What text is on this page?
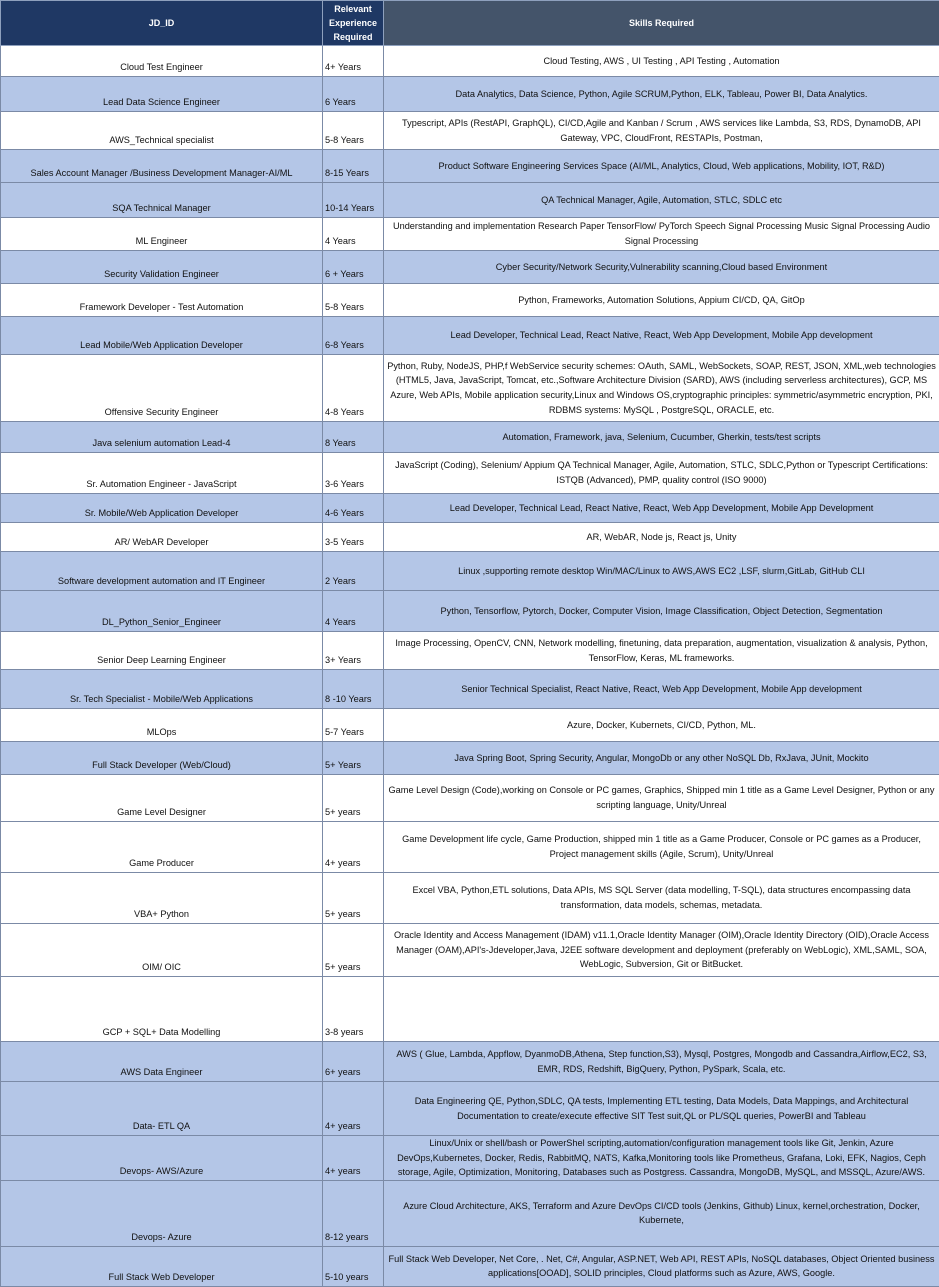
JD_ID	Relevant
Experience
Required	Skills Required
Cloud Test Engineer	4+ Years	Cloud Testing, AWS , UI Testing , API Testing , Automation
Lead Data Science Engineer	6 Years	Data Analytics, Data Science, Python, Agile SCRUM,Python, ELK, Tableau, Power BI, Data Analytics.
AWS_Technical specialist	5-8 Years	Typescript, APIs (RestAPI, GraphQL), CI/CD,Agile and Kanban / Scrum , AWS services like Lambda, S3, RDS, DynamoDB, API Gateway, VPC, CloudFront, RESTAPIs, Postman,
Sales Account Manager /Business Development Manager-AI/ML	8-15 Years	Product Software Engineering Services Space (AI/ML, Analytics, Cloud, Web applications, Mobility, IOT, R&D)
SQA Technical Manager	10-14 Years	QA Technical Manager, Agile, Automation, STLC, SDLC etc
ML Engineer	4 Years	Understanding and implementation Research Paper TensorFlow/ PyTorch Speech Signal Processing Music Signal Processing Audio Signal Processing
Security Validation Engineer	6 + Years	Cyber Security/Network Security,Vulnerability scanning,Cloud based Environment
Framework Developer - Test Automation	5-8 Years	Python, Frameworks, Automation Solutions, Appium CI/CD, QA, GitOp
Lead Mobile/Web Application Developer	6-8 Years	Lead Developer, Technical Lead, React Native, React, Web App Development, Mobile App development
Offensive Security Engineer	4-8 Years	Python, Ruby, NodeJS, PHP,f WebService security schemes: OAuth, SAML, WebSockets, SOAP, REST, JSON, XML,web technologies (HTML5, Java, JavaScript, Tomcat, etc.,Software Architecture Division (SARD), AWS (including serverless architectures), GCP, MS Azure, Web APIs, Mobile application security,Linux and Windows OS,cryptographic principles: symmetric/asymmetric encryption, PKI, RDBMS systems: MySQL , PostgreSQL, ORACLE, etc.
Java selenium automation Lead-4	8 Years	Automation, Framework, java, Selenium, Cucumber, Gherkin, tests/test scripts
Sr. Automation Engineer - JavaScript	3-6 Years	JavaScript (Coding), Selenium/ Appium QA Technical Manager, Agile, Automation, STLC, SDLC,Python or Typescript Certifications: ISTQB (Advanced), PMP, quality control (ISO 9000)
Sr. Mobile/Web Application Developer	4-6 Years	Lead Developer, Technical Lead, React Native, React, Web App Development, Mobile App Development
AR/ WebAR Developer	3-5 Years	AR, WebAR, Node js, React js, Unity
Software development automation and IT Engineer	2 Years	Linux ,supporting remote desktop Win/MAC/Linux to AWS,AWS EC2 ,LSF, slurm,GitLab, GitHub CLI
DL_Python_Senior_Engineer	4 Years	Python, Tensorflow, Pytorch, Docker, Computer Vision, Image Classification, Object Detection, Segmentation
Senior Deep Learning Engineer	3+ Years	Image Processing, OpenCV, CNN, Network modelling, finetuning, data preparation, augmentation, visualization & analysis, Python, TensorFlow, Keras, ML frameworks.
Sr. Tech Specialist - Mobile/Web Applications	8 -10 Years	Senior Technical Specialist, React Native, React, Web App Development, Mobile App development
MLOps	5-7 Years	Azure, Docker, Kubernets, CI/CD, Python, ML.
Full Stack Developer (Web/Cloud)	5+ Years	Java Spring Boot, Spring Security, Angular, MongoDb or any other NoSQL Db, RxJava, JUnit, Mockito
Game Level Designer	5+ years	Game Level Design (Code),working on Console or PC games, Graphics, Shipped min 1 title as a Game Level Designer, Python or any scripting language, Unity/Unreal
Game Producer	4+ years	Game Development life cycle, Game Production, shipped min 1 title as a Game Producer, Console or PC games as a Producer, Project management skills (Agile, Scrum), Unity/Unreal
VBA+ Python	5+ years	Excel VBA, Python,ETL solutions, Data APIs, MS SQL Server (data modelling, T-SQL), data structures encompassing data transformation, data models, schemas, metadata.
OIM/ OIC	5+ years	Oracle Identity and Access Management (IDAM) v11.1,Oracle Identity Manager (OIM),Oracle Identity Directory (OID),Oracle Access Manager (OAM),API's-Jdeveloper,Java, J2EE software development and deployment (preferably on WebLogic), XML,SAML, SOA, WebLogic, Subversion, Git or BitBucket.
GCP + SQL+ Data Modelling	3-8 years	
AWS Data Engineer	6+ years	AWS ( Glue, Lambda, Appflow, DyanmoDB,Athena, Step function,S3), Mysql, Postgres, Mongodb and Cassandra,Airflow,EC2, S3, EMR, RDS, Redshift, BigQuery, Python, PySpark, Scala, etc.
Data- ETL QA	4+ years	Data Engineering QE, Python,SDLC, QA tests, Implementing ETL testing, Data Models, Data Mappings, and Architectural Documentation to create/execute effective SIT Test suit,QL or PL/SQL queries, PowerBI and Tableau
Devops- AWS/Azure	4+ years	Linux/Unix or shell/bash or PowerShel scripting,automation/configuration management tools like Git, Jenkin, Azure DevOps,Kubernetes, Docker, Redis, RabbitMQ, NATS, Kafka,Monitoring tools like Prometheus, Grafana, Loki, EFK, Nagios, Ceph storage, Agile, Optimization, Monitoring, Databases such as Postgress. Cassandra, MongoDB, MySQL, and MSSQL, Azure/AWS.
Devops- Azure	8-12 years	Azure Cloud Architecture, AKS, Terraform and Azure DevOps CI/CD tools (Jenkins, Github) Linux, kernel,orchestration, Docker, Kubernete,
Full Stack Web Developer	5-10 years	Full Stack Web Developer, Net Core, . Net, C#, Angular, ASP.NET, Web API, REST APIs, NoSQL databases, Object Oriented business applications[OOAD], SOLID principles, Cloud platforms such as Azure, AWS, Google.
